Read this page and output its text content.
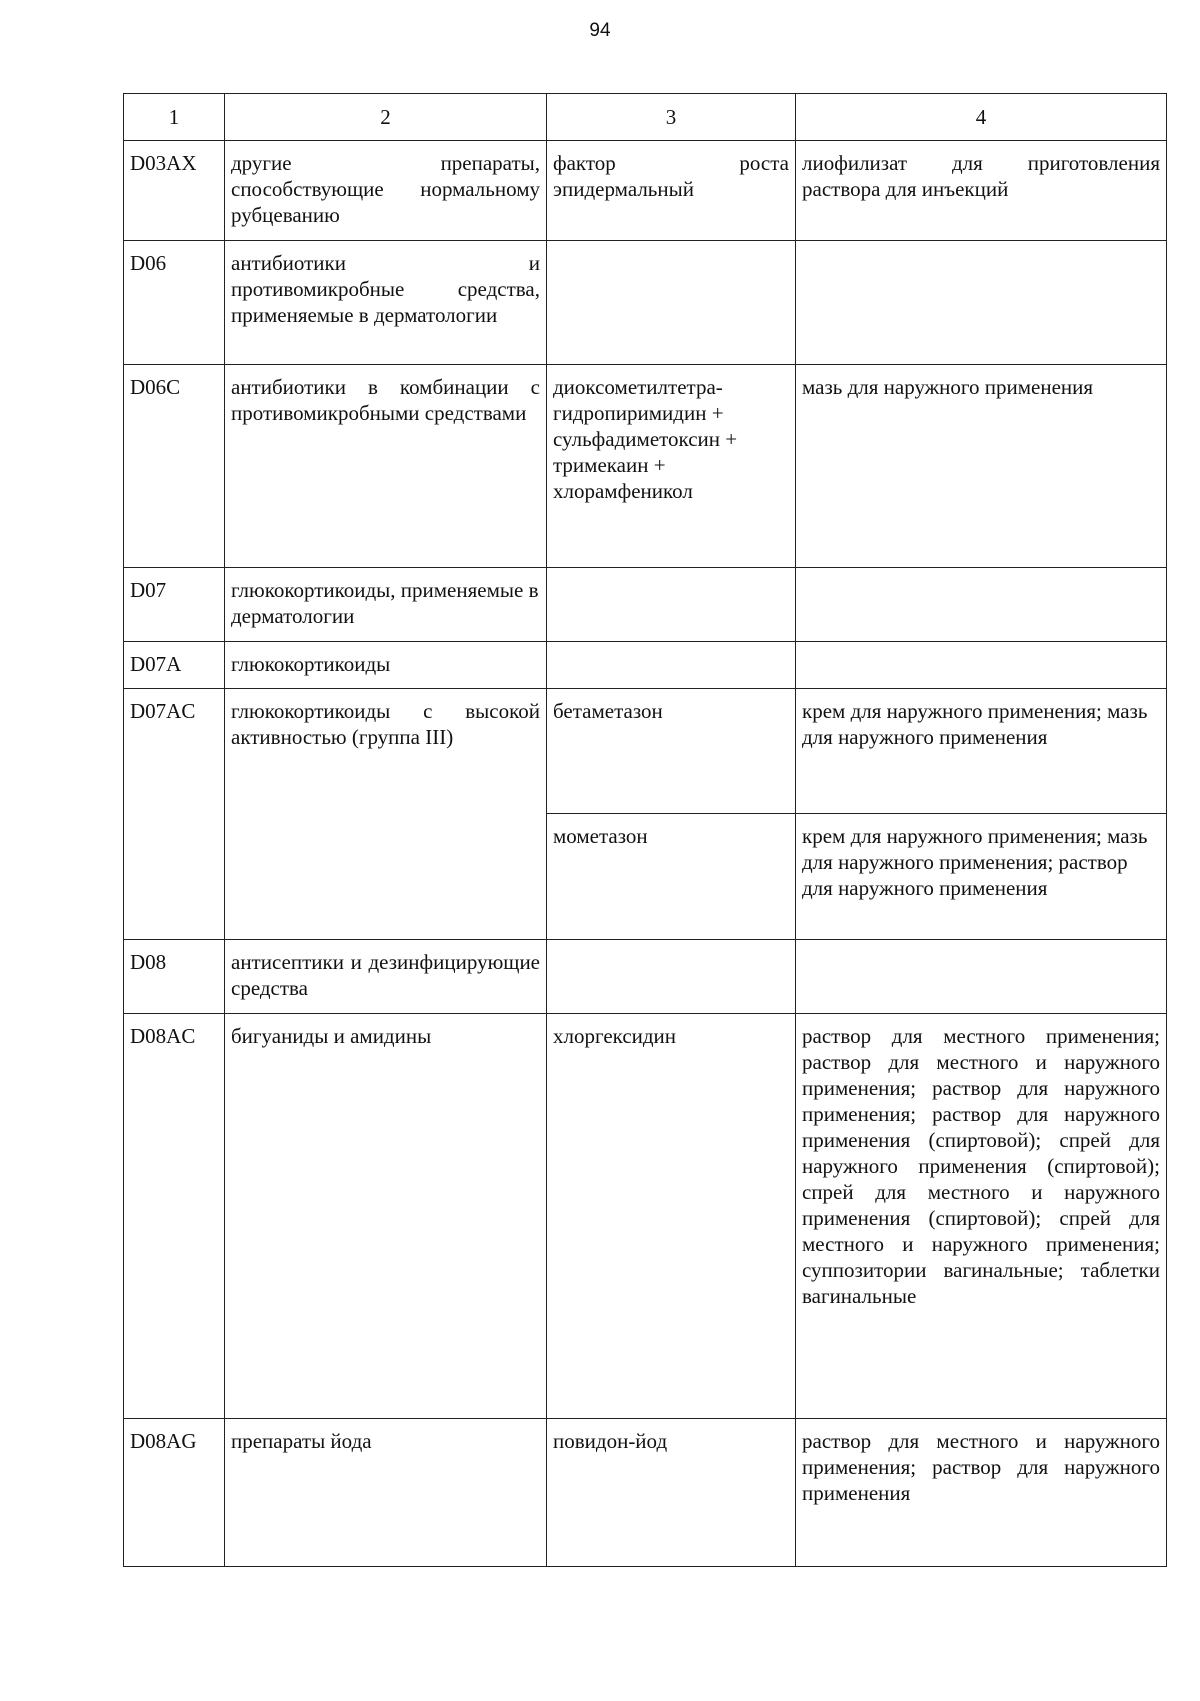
94
1	2	3	4
D03AX	другие препараты, способствующие нормальному рубцеванию	фактор роста эпидермальный	лиофилизат для приготовления раствора для инъекций
D06	антибиотики и противомикробные средства, применяемые в дерматологии		
D06C	антибиотики в комбинации с противомикробными средствами	диоксометилтетра-гидропиримидин + сульфадиметоксин + тримекаин + хлорамфеникол	мазь для наружного применения
D07	глюкокортикоиды, применяемые в дерматологии		
D07A	глюкокортикоиды		
D07AC	глюкокортикоиды с высокой активностью (группа III)	бетаметазон	крем для наружного применения; мазь для наружного применения
		мометазон	крем для наружного применения; мазь для наружного применения; раствор для наружного применения
D08	антисептики и дезинфицирующие средства		
D08AC	бигуаниды и амидины	хлоргексидин	раствор для местного применения; раствор для местного и наружного применения; раствор для наружного применения; раствор для наружного применения (спиртовой); спрей для наружного применения (спиртовой); спрей для местного и наружного применения (спиртовой); спрей для местного и наружного применения; суппозитории вагинальные; таблетки вагинальные
D08AG	препараты йода	повидон-йод	раствор для местного и наружного применения; раствор для наружного применения
